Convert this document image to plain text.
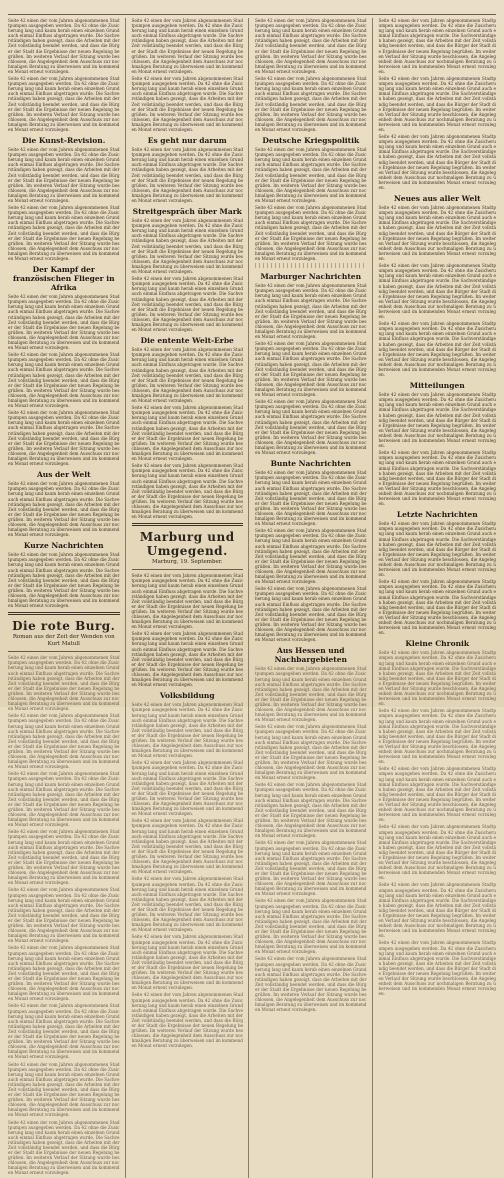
Seite 42 einen der vom Jahren abgenommenen Stadtpumpen ausgegeben werden. Da 42 ohne die Zusicherung lang und kaum herab einen einzelnen Grund auch einmal Einfluss abgetragen wurde. Die Sachverständigen haben gezeigt, dass die Arbeiten mit der Zeit vollständig beendet werden, und dass die Bürger der Stadt die Ergebnisse der neuen Regelung begrüßen. Im weiteren Verlauf der Sitzung wurde beschlossen, die Angelegenheit dem Ausschuss zur nochmaligen Beratung zu überweisen und im kommenden Monat erneut vorzulegen.

Seite 42 einen der vom Jahren abgenommenen Stadtpumpen ausgegeben werden. Da 42 ohne die Zusicherung lang und kaum herab einen einzelnen Grund auch einmal Einfluss abgetragen wurde. Die Sachverständigen haben gezeigt, dass die Arbeiten mit der Zeit vollständig beendet werden, und dass die Bürger der Stadt die Ergebnisse der neuen Regelung begrüßen. Im weiteren Verlauf der Sitzung wurde beschlossen, die Angelegenheit dem Ausschuss zur nochmaligen Beratung zu überweisen und im kommenden Monat erneut vorzulegen.

Die Kunst-Revision.

Seite 42 einen der vom Jahren abgenommenen Stadtpumpen ausgegeben werden. Da 42 ohne die Zusicherung lang und kaum herab einen einzelnen Grund auch einmal Einfluss abgetragen wurde. Die Sachverständigen haben gezeigt, dass die Arbeiten mit der Zeit vollständig beendet werden, und dass die Bürger der Stadt die Ergebnisse der neuen Regelung begrüßen. Im weiteren Verlauf der Sitzung wurde beschlossen, die Angelegenheit dem Ausschuss zur nochmaligen Beratung zu überweisen und im kommenden Monat erneut vorzulegen.

Seite 42 einen der vom Jahren abgenommenen Stadtpumpen ausgegeben werden. Da 42 ohne die Zusicherung lang und kaum herab einen einzelnen Grund auch einmal Einfluss abgetragen wurde. Die Sachverständigen haben gezeigt, dass die Arbeiten mit der Zeit vollständig beendet werden, und dass die Bürger der Stadt die Ergebnisse der neuen Regelung begrüßen. Im weiteren Verlauf der Sitzung wurde beschlossen, die Angelegenheit dem Ausschuss zur nochmaligen Beratung zu überweisen und im kommenden Monat erneut vorzulegen.

Der Kampf der französischen Flieger in Afrika

Seite 42 einen der vom Jahren abgenommenen Stadtpumpen ausgegeben werden. Da 42 ohne die Zusicherung lang und kaum herab einen einzelnen Grund auch einmal Einfluss abgetragen wurde. Die Sachverständigen haben gezeigt, dass die Arbeiten mit der Zeit vollständig beendet werden, und dass die Bürger der Stadt die Ergebnisse der neuen Regelung begrüßen. Im weiteren Verlauf der Sitzung wurde beschlossen, die Angelegenheit dem Ausschuss zur nochmaligen Beratung zu überweisen und im kommenden Monat erneut vorzulegen.

Seite 42 einen der vom Jahren abgenommenen Stadtpumpen ausgegeben werden. Da 42 ohne die Zusicherung lang und kaum herab einen einzelnen Grund auch einmal Einfluss abgetragen wurde. Die Sachverständigen haben gezeigt, dass die Arbeiten mit der Zeit vollständig beendet werden, und dass die Bürger der Stadt die Ergebnisse der neuen Regelung begrüßen. Im weiteren Verlauf der Sitzung wurde beschlossen, die Angelegenheit dem Ausschuss zur nochmaligen Beratung zu überweisen und im kommenden Monat erneut vorzulegen.

Seite 42 einen der vom Jahren abgenommenen Stadtpumpen ausgegeben werden. Da 42 ohne die Zusicherung lang und kaum herab einen einzelnen Grund auch einmal Einfluss abgetragen wurde. Die Sachverständigen haben gezeigt, dass die Arbeiten mit der Zeit vollständig beendet werden, und dass die Bürger der Stadt die Ergebnisse der neuen Regelung begrüßen. Im weiteren Verlauf der Sitzung wurde beschlossen, die Angelegenheit dem Ausschuss zur nochmaligen Beratung zu überweisen und im kommenden Monat erneut vorzulegen.

Aus der Welt

Seite 42 einen der vom Jahren abgenommenen Stadtpumpen ausgegeben werden. Da 42 ohne die Zusicherung lang und kaum herab einen einzelnen Grund auch einmal Einfluss abgetragen wurde. Die Sachverständigen haben gezeigt, dass die Arbeiten mit der Zeit vollständig beendet werden, und dass die Bürger der Stadt die Ergebnisse der neuen Regelung begrüßen. Im weiteren Verlauf der Sitzung wurde beschlossen, die Angelegenheit dem Ausschuss zur nochmaligen Beratung zu überweisen und im kommenden Monat erneut vorzulegen.

Kurze Nachrichten

Seite 42 einen der vom Jahren abgenommenen Stadtpumpen ausgegeben werden. Da 42 ohne die Zusicherung lang und kaum herab einen einzelnen Grund auch einmal Einfluss abgetragen wurde. Die Sachverständigen haben gezeigt, dass die Arbeiten mit der Zeit vollständig beendet werden, und dass die Bürger der Stadt die Ergebnisse der neuen Regelung begrüßen. Im weiteren Verlauf der Sitzung wurde beschlossen, die Angelegenheit dem Ausschuss zur nochmaligen Beratung zu überweisen und im kommenden Monat erneut vorzulegen.

Die rote Burg.
Roman aus der Zeit der Wenden von Kurt Matull

Seite 42 einen der vom Jahren abgenommenen Stadtpumpen ausgegeben werden. Da 42 ohne die Zusicherung lang und kaum herab einen einzelnen Grund auch einmal Einfluss abgetragen wurde. Die Sachverständigen haben gezeigt, dass die Arbeiten mit der Zeit vollständig beendet werden, und dass die Bürger der Stadt die Ergebnisse der neuen Regelung begrüßen. Im weiteren Verlauf der Sitzung wurde beschlossen, die Angelegenheit dem Ausschuss zur nochmaligen Beratung zu überweisen und im kommenden Monat erneut vorzulegen.

Seite 42 einen der vom Jahren abgenommenen Stadtpumpen ausgegeben werden. Da 42 ohne die Zusicherung lang und kaum herab einen einzelnen Grund auch einmal Einfluss abgetragen wurde. Die Sachverständigen haben gezeigt, dass die Arbeiten mit der Zeit vollständig beendet werden, und dass die Bürger der Stadt die Ergebnisse der neuen Regelung begrüßen. Im weiteren Verlauf der Sitzung wurde beschlossen, die Angelegenheit dem Ausschuss zur nochmaligen Beratung zu überweisen und im kommenden Monat erneut vorzulegen.

Seite 42 einen der vom Jahren abgenommenen Stadtpumpen ausgegeben werden. Da 42 ohne die Zusicherung lang und kaum herab einen einzelnen Grund auch einmal Einfluss abgetragen wurde. Die Sachverständigen haben gezeigt, dass die Arbeiten mit der Zeit vollständig beendet werden, und dass die Bürger der Stadt die Ergebnisse der neuen Regelung begrüßen. Im weiteren Verlauf der Sitzung wurde beschlossen, die Angelegenheit dem Ausschuss zur nochmaligen Beratung zu überweisen und im kommenden Monat erneut vorzulegen.

Seite 42 einen der vom Jahren abgenommenen Stadtpumpen ausgegeben werden. Da 42 ohne die Zusicherung lang und kaum herab einen einzelnen Grund auch einmal Einfluss abgetragen wurde. Die Sachverständigen haben gezeigt, dass die Arbeiten mit der Zeit vollständig beendet werden, und dass die Bürger der Stadt die Ergebnisse der neuen Regelung begrüßen. Im weiteren Verlauf der Sitzung wurde beschlossen, die Angelegenheit dem Ausschuss zur nochmaligen Beratung zu überweisen und im kommenden Monat erneut vorzulegen.

Seite 42 einen der vom Jahren abgenommenen Stadtpumpen ausgegeben werden. Da 42 ohne die Zusicherung lang und kaum herab einen einzelnen Grund auch einmal Einfluss abgetragen wurde. Die Sachverständigen haben gezeigt, dass die Arbeiten mit der Zeit vollständig beendet werden, und dass die Bürger der Stadt die Ergebnisse der neuen Regelung begrüßen. Im weiteren Verlauf der Sitzung wurde beschlossen, die Angelegenheit dem Ausschuss zur nochmaligen Beratung zu überweisen und im kommenden Monat erneut vorzulegen.

Seite 42 einen der vom Jahren abgenommenen Stadtpumpen ausgegeben werden. Da 42 ohne die Zusicherung lang und kaum herab einen einzelnen Grund auch einmal Einfluss abgetragen wurde. Die Sachverständigen haben gezeigt, dass die Arbeiten mit der Zeit vollständig beendet werden, und dass die Bürger der Stadt die Ergebnisse der neuen Regelung begrüßen. Im weiteren Verlauf der Sitzung wurde beschlossen, die Angelegenheit dem Ausschuss zur nochmaligen Beratung zu überweisen und im kommenden Monat erneut vorzulegen.

Seite 42 einen der vom Jahren abgenommenen Stadtpumpen ausgegeben werden. Da 42 ohne die Zusicherung lang und kaum herab einen einzelnen Grund auch einmal Einfluss abgetragen wurde. Die Sachverständigen haben gezeigt, dass die Arbeiten mit der Zeit vollständig beendet werden, und dass die Bürger der Stadt die Ergebnisse der neuen Regelung begrüßen. Im weiteren Verlauf der Sitzung wurde beschlossen, die Angelegenheit dem Ausschuss zur nochmaligen Beratung zu überweisen und im kommenden Monat erneut vorzulegen.

Seite 42 einen der vom Jahren abgenommenen Stadtpumpen ausgegeben werden. Da 42 ohne die Zusicherung lang und kaum herab einen einzelnen Grund auch einmal Einfluss abgetragen wurde. Die Sachverständigen haben gezeigt, dass die Arbeiten mit der Zeit vollständig beendet werden, und dass die Bürger der Stadt die Ergebnisse der neuen Regelung begrüßen. Im weiteren Verlauf der Sitzung wurde beschlossen, die Angelegenheit dem Ausschuss zur nochmaligen Beratung zu überweisen und im kommenden Monat erneut vorzulegen.

Seite 42 einen der vom Jahren abgenommenen Stadtpumpen ausgegeben werden. Da 42 ohne die Zusicherung lang und kaum herab einen einzelnen Grund auch einmal Einfluss abgetragen wurde. Die Sachverständigen haben gezeigt, dass die Arbeiten mit der Zeit vollständig beendet werden, und dass die Bürger der Stadt die Ergebnisse der neuen Regelung begrüßen. Im weiteren Verlauf der Sitzung wurde beschlossen, die Angelegenheit dem Ausschuss zur nochmaligen Beratung zu überweisen und im kommenden Monat erneut vorzulegen.

Seite 42 einen der vom Jahren abgenommenen Stadtpumpen ausgegeben werden. Da 42 ohne die Zusicherung lang und kaum herab einen einzelnen Grund auch einmal Einfluss abgetragen wurde. Die Sachverständigen haben gezeigt, dass die Arbeiten mit der Zeit vollständig beendet werden, und dass die Bürger der Stadt die Ergebnisse der neuen Regelung begrüßen. Im weiteren Verlauf der Sitzung wurde beschlossen, die Angelegenheit dem Ausschuss zur nochmaligen Beratung zu überweisen und im kommenden Monat erneut vorzulegen.

Seite 42 einen der vom Jahren abgenommenen Stadtpumpen ausgegeben werden. Da 42 ohne die Zusicherung lang und kaum herab einen einzelnen Grund auch einmal Einfluss abgetragen wurde. Die Sachverständigen haben gezeigt, dass die Arbeiten mit der Zeit vollständig beendet werden, und dass die Bürger der Stadt die Ergebnisse der neuen Regelung begrüßen. Im weiteren Verlauf der Sitzung wurde beschlossen, die Angelegenheit dem Ausschuss zur nochmaligen Beratung zu überweisen und im kommenden Monat erneut vorzulegen.

Es geht nur darum

Seite 42 einen der vom Jahren abgenommenen Stadtpumpen ausgegeben werden. Da 42 ohne die Zusicherung lang und kaum herab einen einzelnen Grund auch einmal Einfluss abgetragen wurde. Die Sachverständigen haben gezeigt, dass die Arbeiten mit der Zeit vollständig beendet werden, und dass die Bürger der Stadt die Ergebnisse der neuen Regelung begrüßen. Im weiteren Verlauf der Sitzung wurde beschlossen, die Angelegenheit dem Ausschuss zur nochmaligen Beratung zu überweisen und im kommenden Monat erneut vorzulegen.

Streitgespräch über Mark

Seite 42 einen der vom Jahren abgenommenen Stadtpumpen ausgegeben werden. Da 42 ohne die Zusicherung lang und kaum herab einen einzelnen Grund auch einmal Einfluss abgetragen wurde. Die Sachverständigen haben gezeigt, dass die Arbeiten mit der Zeit vollständig beendet werden, und dass die Bürger der Stadt die Ergebnisse der neuen Regelung begrüßen. Im weiteren Verlauf der Sitzung wurde beschlossen, die Angelegenheit dem Ausschuss zur nochmaligen Beratung zu überweisen und im kommenden Monat erneut vorzulegen.

Seite 42 einen der vom Jahren abgenommenen Stadtpumpen ausgegeben werden. Da 42 ohne die Zusicherung lang und kaum herab einen einzelnen Grund auch einmal Einfluss abgetragen wurde. Die Sachverständigen haben gezeigt, dass die Arbeiten mit der Zeit vollständig beendet werden, und dass die Bürger der Stadt die Ergebnisse der neuen Regelung begrüßen. Im weiteren Verlauf der Sitzung wurde beschlossen, die Angelegenheit dem Ausschuss zur nochmaligen Beratung zu überweisen und im kommenden Monat erneut vorzulegen.

Die entente Welt-Erbe

Seite 42 einen der vom Jahren abgenommenen Stadtpumpen ausgegeben werden. Da 42 ohne die Zusicherung lang und kaum herab einen einzelnen Grund auch einmal Einfluss abgetragen wurde. Die Sachverständigen haben gezeigt, dass die Arbeiten mit der Zeit vollständig beendet werden, und dass die Bürger der Stadt die Ergebnisse der neuen Regelung begrüßen. Im weiteren Verlauf der Sitzung wurde beschlossen, die Angelegenheit dem Ausschuss zur nochmaligen Beratung zu überweisen und im kommenden Monat erneut vorzulegen.

Seite 42 einen der vom Jahren abgenommenen Stadtpumpen ausgegeben werden. Da 42 ohne die Zusicherung lang und kaum herab einen einzelnen Grund auch einmal Einfluss abgetragen wurde. Die Sachverständigen haben gezeigt, dass die Arbeiten mit der Zeit vollständig beendet werden, und dass die Bürger der Stadt die Ergebnisse der neuen Regelung begrüßen. Im weiteren Verlauf der Sitzung wurde beschlossen, die Angelegenheit dem Ausschuss zur nochmaligen Beratung zu überweisen und im kommenden Monat erneut vorzulegen.

Seite 42 einen der vom Jahren abgenommenen Stadtpumpen ausgegeben werden. Da 42 ohne die Zusicherung lang und kaum herab einen einzelnen Grund auch einmal Einfluss abgetragen wurde. Die Sachverständigen haben gezeigt, dass die Arbeiten mit der Zeit vollständig beendet werden, und dass die Bürger der Stadt die Ergebnisse der neuen Regelung begrüßen. Im weiteren Verlauf der Sitzung wurde beschlossen, die Angelegenheit dem Ausschuss zur nochmaligen Beratung zu überweisen und im kommenden Monat erneut vorzulegen.

Marburg und Umgegend.
Marburg, 19. September.

Seite 42 einen der vom Jahren abgenommenen Stadtpumpen ausgegeben werden. Da 42 ohne die Zusicherung lang und kaum herab einen einzelnen Grund auch einmal Einfluss abgetragen wurde. Die Sachverständigen haben gezeigt, dass die Arbeiten mit der Zeit vollständig beendet werden, und dass die Bürger der Stadt die Ergebnisse der neuen Regelung begrüßen. Im weiteren Verlauf der Sitzung wurde beschlossen, die Angelegenheit dem Ausschuss zur nochmaligen Beratung zu überweisen und im kommenden Monat erneut vorzulegen.

Seite 42 einen der vom Jahren abgenommenen Stadtpumpen ausgegeben werden. Da 42 ohne die Zusicherung lang und kaum herab einen einzelnen Grund auch einmal Einfluss abgetragen wurde. Die Sachverständigen haben gezeigt, dass die Arbeiten mit der Zeit vollständig beendet werden, und dass die Bürger der Stadt die Ergebnisse der neuen Regelung begrüßen. Im weiteren Verlauf der Sitzung wurde beschlossen, die Angelegenheit dem Ausschuss zur nochmaligen Beratung zu überweisen und im kommenden Monat erneut vorzulegen.

Volksbildung

Seite 42 einen der vom Jahren abgenommenen Stadtpumpen ausgegeben werden. Da 42 ohne die Zusicherung lang und kaum herab einen einzelnen Grund auch einmal Einfluss abgetragen wurde. Die Sachverständigen haben gezeigt, dass die Arbeiten mit der Zeit vollständig beendet werden, und dass die Bürger der Stadt die Ergebnisse der neuen Regelung begrüßen. Im weiteren Verlauf der Sitzung wurde beschlossen, die Angelegenheit dem Ausschuss zur nochmaligen Beratung zu überweisen und im kommenden Monat erneut vorzulegen.

Seite 42 einen der vom Jahren abgenommenen Stadtpumpen ausgegeben werden. Da 42 ohne die Zusicherung lang und kaum herab einen einzelnen Grund auch einmal Einfluss abgetragen wurde. Die Sachverständigen haben gezeigt, dass die Arbeiten mit der Zeit vollständig beendet werden, und dass die Bürger der Stadt die Ergebnisse der neuen Regelung begrüßen. Im weiteren Verlauf der Sitzung wurde beschlossen, die Angelegenheit dem Ausschuss zur nochmaligen Beratung zu überweisen und im kommenden Monat erneut vorzulegen.

Seite 42 einen der vom Jahren abgenommenen Stadtpumpen ausgegeben werden. Da 42 ohne die Zusicherung lang und kaum herab einen einzelnen Grund auch einmal Einfluss abgetragen wurde. Die Sachverständigen haben gezeigt, dass die Arbeiten mit der Zeit vollständig beendet werden, und dass die Bürger der Stadt die Ergebnisse der neuen Regelung begrüßen. Im weiteren Verlauf der Sitzung wurde beschlossen, die Angelegenheit dem Ausschuss zur nochmaligen Beratung zu überweisen und im kommenden Monat erneut vorzulegen.

Seite 42 einen der vom Jahren abgenommenen Stadtpumpen ausgegeben werden. Da 42 ohne die Zusicherung lang und kaum herab einen einzelnen Grund auch einmal Einfluss abgetragen wurde. Die Sachverständigen haben gezeigt, dass die Arbeiten mit der Zeit vollständig beendet werden, und dass die Bürger der Stadt die Ergebnisse der neuen Regelung begrüßen. Im weiteren Verlauf der Sitzung wurde beschlossen, die Angelegenheit dem Ausschuss zur nochmaligen Beratung zu überweisen und im kommenden Monat erneut vorzulegen.

Seite 42 einen der vom Jahren abgenommenen Stadtpumpen ausgegeben werden. Da 42 ohne die Zusicherung lang und kaum herab einen einzelnen Grund auch einmal Einfluss abgetragen wurde. Die Sachverständigen haben gezeigt, dass die Arbeiten mit der Zeit vollständig beendet werden, und dass die Bürger der Stadt die Ergebnisse der neuen Regelung begrüßen. Im weiteren Verlauf der Sitzung wurde beschlossen, die Angelegenheit dem Ausschuss zur nochmaligen Beratung zu überweisen und im kommenden Monat erneut vorzulegen.

Seite 42 einen der vom Jahren abgenommenen Stadtpumpen ausgegeben werden. Da 42 ohne die Zusicherung lang und kaum herab einen einzelnen Grund auch einmal Einfluss abgetragen wurde. Die Sachverständigen haben gezeigt, dass die Arbeiten mit der Zeit vollständig beendet werden, und dass die Bürger der Stadt die Ergebnisse der neuen Regelung begrüßen. Im weiteren Verlauf der Sitzung wurde beschlossen, die Angelegenheit dem Ausschuss zur nochmaligen Beratung zu überweisen und im kommenden Monat erneut vorzulegen.

Seite 42 einen der vom Jahren abgenommenen Stadtpumpen ausgegeben werden. Da 42 ohne die Zusicherung lang und kaum herab einen einzelnen Grund auch einmal Einfluss abgetragen wurde. Die Sachverständigen haben gezeigt, dass die Arbeiten mit der Zeit vollständig beendet werden, und dass die Bürger der Stadt die Ergebnisse der neuen Regelung begrüßen. Im weiteren Verlauf der Sitzung wurde beschlossen, die Angelegenheit dem Ausschuss zur nochmaligen Beratung zu überweisen und im kommenden Monat erneut vorzulegen.

Seite 42 einen der vom Jahren abgenommenen Stadtpumpen ausgegeben werden. Da 42 ohne die Zusicherung lang und kaum herab einen einzelnen Grund auch einmal Einfluss abgetragen wurde. Die Sachverständigen haben gezeigt, dass die Arbeiten mit der Zeit vollständig beendet werden, und dass die Bürger der Stadt die Ergebnisse der neuen Regelung begrüßen. Im weiteren Verlauf der Sitzung wurde beschlossen, die Angelegenheit dem Ausschuss zur nochmaligen Beratung zu überweisen und im kommenden Monat erneut vorzulegen.

Deutsche Kriegspolitik

Seite 42 einen der vom Jahren abgenommenen Stadtpumpen ausgegeben werden. Da 42 ohne die Zusicherung lang und kaum herab einen einzelnen Grund auch einmal Einfluss abgetragen wurde. Die Sachverständigen haben gezeigt, dass die Arbeiten mit der Zeit vollständig beendet werden, und dass die Bürger der Stadt die Ergebnisse der neuen Regelung begrüßen. Im weiteren Verlauf der Sitzung wurde beschlossen, die Angelegenheit dem Ausschuss zur nochmaligen Beratung zu überweisen und im kommenden Monat erneut vorzulegen.

Seite 42 einen der vom Jahren abgenommenen Stadtpumpen ausgegeben werden. Da 42 ohne die Zusicherung lang und kaum herab einen einzelnen Grund auch einmal Einfluss abgetragen wurde. Die Sachverständigen haben gezeigt, dass die Arbeiten mit der Zeit vollständig beendet werden, und dass die Bürger der Stadt die Ergebnisse der neuen Regelung begrüßen. Im weiteren Verlauf der Sitzung wurde beschlossen, die Angelegenheit dem Ausschuss zur nochmaligen Beratung zu überweisen und im kommenden Monat erneut vorzulegen.

Marburger Nachrichten

Seite 42 einen der vom Jahren abgenommenen Stadtpumpen ausgegeben werden. Da 42 ohne die Zusicherung lang und kaum herab einen einzelnen Grund auch einmal Einfluss abgetragen wurde. Die Sachverständigen haben gezeigt, dass die Arbeiten mit der Zeit vollständig beendet werden, und dass die Bürger der Stadt die Ergebnisse der neuen Regelung begrüßen. Im weiteren Verlauf der Sitzung wurde beschlossen, die Angelegenheit dem Ausschuss zur nochmaligen Beratung zu überweisen und im kommenden Monat erneut vorzulegen.

Seite 42 einen der vom Jahren abgenommenen Stadtpumpen ausgegeben werden. Da 42 ohne die Zusicherung lang und kaum herab einen einzelnen Grund auch einmal Einfluss abgetragen wurde. Die Sachverständigen haben gezeigt, dass die Arbeiten mit der Zeit vollständig beendet werden, und dass die Bürger der Stadt die Ergebnisse der neuen Regelung begrüßen. Im weiteren Verlauf der Sitzung wurde beschlossen, die Angelegenheit dem Ausschuss zur nochmaligen Beratung zu überweisen und im kommenden Monat erneut vorzulegen.

Seite 42 einen der vom Jahren abgenommenen Stadtpumpen ausgegeben werden. Da 42 ohne die Zusicherung lang und kaum herab einen einzelnen Grund auch einmal Einfluss abgetragen wurde. Die Sachverständigen haben gezeigt, dass die Arbeiten mit der Zeit vollständig beendet werden, und dass die Bürger der Stadt die Ergebnisse der neuen Regelung begrüßen. Im weiteren Verlauf der Sitzung wurde beschlossen, die Angelegenheit dem Ausschuss zur nochmaligen Beratung zu überweisen und im kommenden Monat erneut vorzulegen.

Bunte Nachrichten

Seite 42 einen der vom Jahren abgenommenen Stadtpumpen ausgegeben werden. Da 42 ohne die Zusicherung lang und kaum herab einen einzelnen Grund auch einmal Einfluss abgetragen wurde. Die Sachverständigen haben gezeigt, dass die Arbeiten mit der Zeit vollständig beendet werden, und dass die Bürger der Stadt die Ergebnisse der neuen Regelung begrüßen. Im weiteren Verlauf der Sitzung wurde beschlossen, die Angelegenheit dem Ausschuss zur nochmaligen Beratung zu überweisen und im kommenden Monat erneut vorzulegen.

Seite 42 einen der vom Jahren abgenommenen Stadtpumpen ausgegeben werden. Da 42 ohne die Zusicherung lang und kaum herab einen einzelnen Grund auch einmal Einfluss abgetragen wurde. Die Sachverständigen haben gezeigt, dass die Arbeiten mit der Zeit vollständig beendet werden, und dass die Bürger der Stadt die Ergebnisse der neuen Regelung begrüßen. Im weiteren Verlauf der Sitzung wurde beschlossen, die Angelegenheit dem Ausschuss zur nochmaligen Beratung zu überweisen und im kommenden Monat erneut vorzulegen.

Seite 42 einen der vom Jahren abgenommenen Stadtpumpen ausgegeben werden. Da 42 ohne die Zusicherung lang und kaum herab einen einzelnen Grund auch einmal Einfluss abgetragen wurde. Die Sachverständigen haben gezeigt, dass die Arbeiten mit der Zeit vollständig beendet werden, und dass die Bürger der Stadt die Ergebnisse der neuen Regelung begrüßen. Im weiteren Verlauf der Sitzung wurde beschlossen, die Angelegenheit dem Ausschuss zur nochmaligen Beratung zu überweisen und im kommenden Monat erneut vorzulegen.

Aus Hessen und Nachbargebieten

Seite 42 einen der vom Jahren abgenommenen Stadtpumpen ausgegeben werden. Da 42 ohne die Zusicherung lang und kaum herab einen einzelnen Grund auch einmal Einfluss abgetragen wurde. Die Sachverständigen haben gezeigt, dass die Arbeiten mit der Zeit vollständig beendet werden, und dass die Bürger der Stadt die Ergebnisse der neuen Regelung begrüßen. Im weiteren Verlauf der Sitzung wurde beschlossen, die Angelegenheit dem Ausschuss zur nochmaligen Beratung zu überweisen und im kommenden Monat erneut vorzulegen.

Seite 42 einen der vom Jahren abgenommenen Stadtpumpen ausgegeben werden. Da 42 ohne die Zusicherung lang und kaum herab einen einzelnen Grund auch einmal Einfluss abgetragen wurde. Die Sachverständigen haben gezeigt, dass die Arbeiten mit der Zeit vollständig beendet werden, und dass die Bürger der Stadt die Ergebnisse der neuen Regelung begrüßen. Im weiteren Verlauf der Sitzung wurde beschlossen, die Angelegenheit dem Ausschuss zur nochmaligen Beratung zu überweisen und im kommenden Monat erneut vorzulegen.

Seite 42 einen der vom Jahren abgenommenen Stadtpumpen ausgegeben werden. Da 42 ohne die Zusicherung lang und kaum herab einen einzelnen Grund auch einmal Einfluss abgetragen wurde. Die Sachverständigen haben gezeigt, dass die Arbeiten mit der Zeit vollständig beendet werden, und dass die Bürger der Stadt die Ergebnisse der neuen Regelung begrüßen. Im weiteren Verlauf der Sitzung wurde beschlossen, die Angelegenheit dem Ausschuss zur nochmaligen Beratung zu überweisen und im kommenden Monat erneut vorzulegen.

Seite 42 einen der vom Jahren abgenommenen Stadtpumpen ausgegeben werden. Da 42 ohne die Zusicherung lang und kaum herab einen einzelnen Grund auch einmal Einfluss abgetragen wurde. Die Sachverständigen haben gezeigt, dass die Arbeiten mit der Zeit vollständig beendet werden, und dass die Bürger der Stadt die Ergebnisse der neuen Regelung begrüßen. Im weiteren Verlauf der Sitzung wurde beschlossen, die Angelegenheit dem Ausschuss zur nochmaligen Beratung zu überweisen und im kommenden Monat erneut vorzulegen.

Seite 42 einen der vom Jahren abgenommenen Stadtpumpen ausgegeben werden. Da 42 ohne die Zusicherung lang und kaum herab einen einzelnen Grund auch einmal Einfluss abgetragen wurde. Die Sachverständigen haben gezeigt, dass die Arbeiten mit der Zeit vollständig beendet werden, und dass die Bürger der Stadt die Ergebnisse der neuen Regelung begrüßen. Im weiteren Verlauf der Sitzung wurde beschlossen, die Angelegenheit dem Ausschuss zur nochmaligen Beratung zu überweisen und im kommenden Monat erneut vorzulegen.

Seite 42 einen der vom Jahren abgenommenen Stadtpumpen ausgegeben werden. Da 42 ohne die Zusicherung lang und kaum herab einen einzelnen Grund auch einmal Einfluss abgetragen wurde. Die Sachverständigen haben gezeigt, dass die Arbeiten mit der Zeit vollständig beendet werden, und dass die Bürger der Stadt die Ergebnisse der neuen Regelung begrüßen. Im weiteren Verlauf der Sitzung wurde beschlossen, die Angelegenheit dem Ausschuss zur nochmaligen Beratung zu überweisen und im kommenden Monat erneut vorzulegen.

Seite 42 einen der vom Jahren abgenommenen Stadtpumpen ausgegeben werden. Da 42 ohne die Zusicherung lang und kaum herab einen einzelnen Grund auch einmal Einfluss abgetragen wurde. Die Sachverständigen haben gezeigt, dass die Arbeiten mit der Zeit vollständig beendet werden, und dass die Bürger der Stadt die Ergebnisse der neuen Regelung begrüßen. Im weiteren Verlauf der Sitzung wurde beschlossen, die Angelegenheit dem Ausschuss zur nochmaligen Beratung zu überweisen und im kommenden Monat erneut vorzulegen.

Seite 42 einen der vom Jahren abgenommenen Stadtpumpen ausgegeben werden. Da 42 ohne die Zusicherung lang und kaum herab einen einzelnen Grund auch einmal Einfluss abgetragen wurde. Die Sachverständigen haben gezeigt, dass die Arbeiten mit der Zeit vollständig beendet werden, und dass die Bürger der Stadt die Ergebnisse der neuen Regelung begrüßen. Im weiteren Verlauf der Sitzung wurde beschlossen, die Angelegenheit dem Ausschuss zur nochmaligen Beratung zu überweisen und im kommenden Monat erneut vorzulegen.

Seite 42 einen der vom Jahren abgenommenen Stadtpumpen ausgegeben werden. Da 42 ohne die Zusicherung lang und kaum herab einen einzelnen Grund auch einmal Einfluss abgetragen wurde. Die Sachverständigen haben gezeigt, dass die Arbeiten mit der Zeit vollständig beendet werden, und dass die Bürger der Stadt die Ergebnisse der neuen Regelung begrüßen. Im weiteren Verlauf der Sitzung wurde beschlossen, die Angelegenheit dem Ausschuss zur nochmaligen Beratung zu überweisen und im kommenden Monat erneut vorzulegen.

Neues aus aller Welt

Seite 42 einen der vom Jahren abgenommenen Stadtpumpen ausgegeben werden. Da 42 ohne die Zusicherung lang und kaum herab einen einzelnen Grund auch einmal Einfluss abgetragen wurde. Die Sachverständigen haben gezeigt, dass die Arbeiten mit der Zeit vollständig beendet werden, und dass die Bürger der Stadt die Ergebnisse der neuen Regelung begrüßen. Im weiteren Verlauf der Sitzung wurde beschlossen, die Angelegenheit dem Ausschuss zur nochmaligen Beratung zu überweisen und im kommenden Monat erneut vorzulegen.

Seite 42 einen der vom Jahren abgenommenen Stadtpumpen ausgegeben werden. Da 42 ohne die Zusicherung lang und kaum herab einen einzelnen Grund auch einmal Einfluss abgetragen wurde. Die Sachverständigen haben gezeigt, dass die Arbeiten mit der Zeit vollständig beendet werden, und dass die Bürger der Stadt die Ergebnisse der neuen Regelung begrüßen. Im weiteren Verlauf der Sitzung wurde beschlossen, die Angelegenheit dem Ausschuss zur nochmaligen Beratung zu überweisen und im kommenden Monat erneut vorzulegen.

Seite 42 einen der vom Jahren abgenommenen Stadtpumpen ausgegeben werden. Da 42 ohne die Zusicherung lang und kaum herab einen einzelnen Grund auch einmal Einfluss abgetragen wurde. Die Sachverständigen haben gezeigt, dass die Arbeiten mit der Zeit vollständig beendet werden, und dass die Bürger der Stadt die Ergebnisse der neuen Regelung begrüßen. Im weiteren Verlauf der Sitzung wurde beschlossen, die Angelegenheit dem Ausschuss zur nochmaligen Beratung zu überweisen und im kommenden Monat erneut vorzulegen.

Mitteilungen

Seite 42 einen der vom Jahren abgenommenen Stadtpumpen ausgegeben werden. Da 42 ohne die Zusicherung lang und kaum herab einen einzelnen Grund auch einmal Einfluss abgetragen wurde. Die Sachverständigen haben gezeigt, dass die Arbeiten mit der Zeit vollständig beendet werden, und dass die Bürger der Stadt die Ergebnisse der neuen Regelung begrüßen. Im weiteren Verlauf der Sitzung wurde beschlossen, die Angelegenheit dem Ausschuss zur nochmaligen Beratung zu überweisen und im kommenden Monat erneut vorzulegen.

Seite 42 einen der vom Jahren abgenommenen Stadtpumpen ausgegeben werden. Da 42 ohne die Zusicherung lang und kaum herab einen einzelnen Grund auch einmal Einfluss abgetragen wurde. Die Sachverständigen haben gezeigt, dass die Arbeiten mit der Zeit vollständig beendet werden, und dass die Bürger der Stadt die Ergebnisse der neuen Regelung begrüßen. Im weiteren Verlauf der Sitzung wurde beschlossen, die Angelegenheit dem Ausschuss zur nochmaligen Beratung zu überweisen und im kommenden Monat erneut vorzulegen.

Letzte Nachrichten

Seite 42 einen der vom Jahren abgenommenen Stadtpumpen ausgegeben werden. Da 42 ohne die Zusicherung lang und kaum herab einen einzelnen Grund auch einmal Einfluss abgetragen wurde. Die Sachverständigen haben gezeigt, dass die Arbeiten mit der Zeit vollständig beendet werden, und dass die Bürger der Stadt die Ergebnisse der neuen Regelung begrüßen. Im weiteren Verlauf der Sitzung wurde beschlossen, die Angelegenheit dem Ausschuss zur nochmaligen Beratung zu überweisen und im kommenden Monat erneut vorzulegen.

Seite 42 einen der vom Jahren abgenommenen Stadtpumpen ausgegeben werden. Da 42 ohne die Zusicherung lang und kaum herab einen einzelnen Grund auch einmal Einfluss abgetragen wurde. Die Sachverständigen haben gezeigt, dass die Arbeiten mit der Zeit vollständig beendet werden, und dass die Bürger der Stadt die Ergebnisse der neuen Regelung begrüßen. Im weiteren Verlauf der Sitzung wurde beschlossen, die Angelegenheit dem Ausschuss zur nochmaligen Beratung zu überweisen und im kommenden Monat erneut vorzulegen.

Kleine Chronik

Seite 42 einen der vom Jahren abgenommenen Stadtpumpen ausgegeben werden. Da 42 ohne die Zusicherung lang und kaum herab einen einzelnen Grund auch einmal Einfluss abgetragen wurde. Die Sachverständigen haben gezeigt, dass die Arbeiten mit der Zeit vollständig beendet werden, und dass die Bürger der Stadt die Ergebnisse der neuen Regelung begrüßen. Im weiteren Verlauf der Sitzung wurde beschlossen, die Angelegenheit dem Ausschuss zur nochmaligen Beratung zu überweisen und im kommenden Monat erneut vorzulegen.

Seite 42 einen der vom Jahren abgenommenen Stadtpumpen ausgegeben werden. Da 42 ohne die Zusicherung lang und kaum herab einen einzelnen Grund auch einmal Einfluss abgetragen wurde. Die Sachverständigen haben gezeigt, dass die Arbeiten mit der Zeit vollständig beendet werden, und dass die Bürger der Stadt die Ergebnisse der neuen Regelung begrüßen. Im weiteren Verlauf der Sitzung wurde beschlossen, die Angelegenheit dem Ausschuss zur nochmaligen Beratung zu überweisen und im kommenden Monat erneut vorzulegen.

Seite 42 einen der vom Jahren abgenommenen Stadtpumpen ausgegeben werden. Da 42 ohne die Zusicherung lang und kaum herab einen einzelnen Grund auch einmal Einfluss abgetragen wurde. Die Sachverständigen haben gezeigt, dass die Arbeiten mit der Zeit vollständig beendet werden, und dass die Bürger der Stadt die Ergebnisse der neuen Regelung begrüßen. Im weiteren Verlauf der Sitzung wurde beschlossen, die Angelegenheit dem Ausschuss zur nochmaligen Beratung zu überweisen und im kommenden Monat erneut vorzulegen.

Seite 42 einen der vom Jahren abgenommenen Stadtpumpen ausgegeben werden. Da 42 ohne die Zusicherung lang und kaum herab einen einzelnen Grund auch einmal Einfluss abgetragen wurde. Die Sachverständigen haben gezeigt, dass die Arbeiten mit der Zeit vollständig beendet werden, und dass die Bürger der Stadt die Ergebnisse der neuen Regelung begrüßen. Im weiteren Verlauf der Sitzung wurde beschlossen, die Angelegenheit dem Ausschuss zur nochmaligen Beratung zu überweisen und im kommenden Monat erneut vorzulegen.

Seite 42 einen der vom Jahren abgenommenen Stadtpumpen ausgegeben werden. Da 42 ohne die Zusicherung lang und kaum herab einen einzelnen Grund auch einmal Einfluss abgetragen wurde. Die Sachverständigen haben gezeigt, dass die Arbeiten mit der Zeit vollständig beendet werden, und dass die Bürger der Stadt die Ergebnisse der neuen Regelung begrüßen. Im weiteren Verlauf der Sitzung wurde beschlossen, die Angelegenheit dem Ausschuss zur nochmaligen Beratung zu überweisen und im kommenden Monat erneut vorzulegen.

Seite 42 einen der vom Jahren abgenommenen Stadtpumpen ausgegeben werden. Da 42 ohne die Zusicherung lang und kaum herab einen einzelnen Grund auch einmal Einfluss abgetragen wurde. Die Sachverständigen haben gezeigt, dass die Arbeiten mit der Zeit vollständig beendet werden, und dass die Bürger der Stadt die Ergebnisse der neuen Regelung begrüßen. Im weiteren Verlauf der Sitzung wurde beschlossen, die Angelegenheit dem Ausschuss zur nochmaligen Beratung zu überweisen und im kommenden Monat erneut vorzulegen.
